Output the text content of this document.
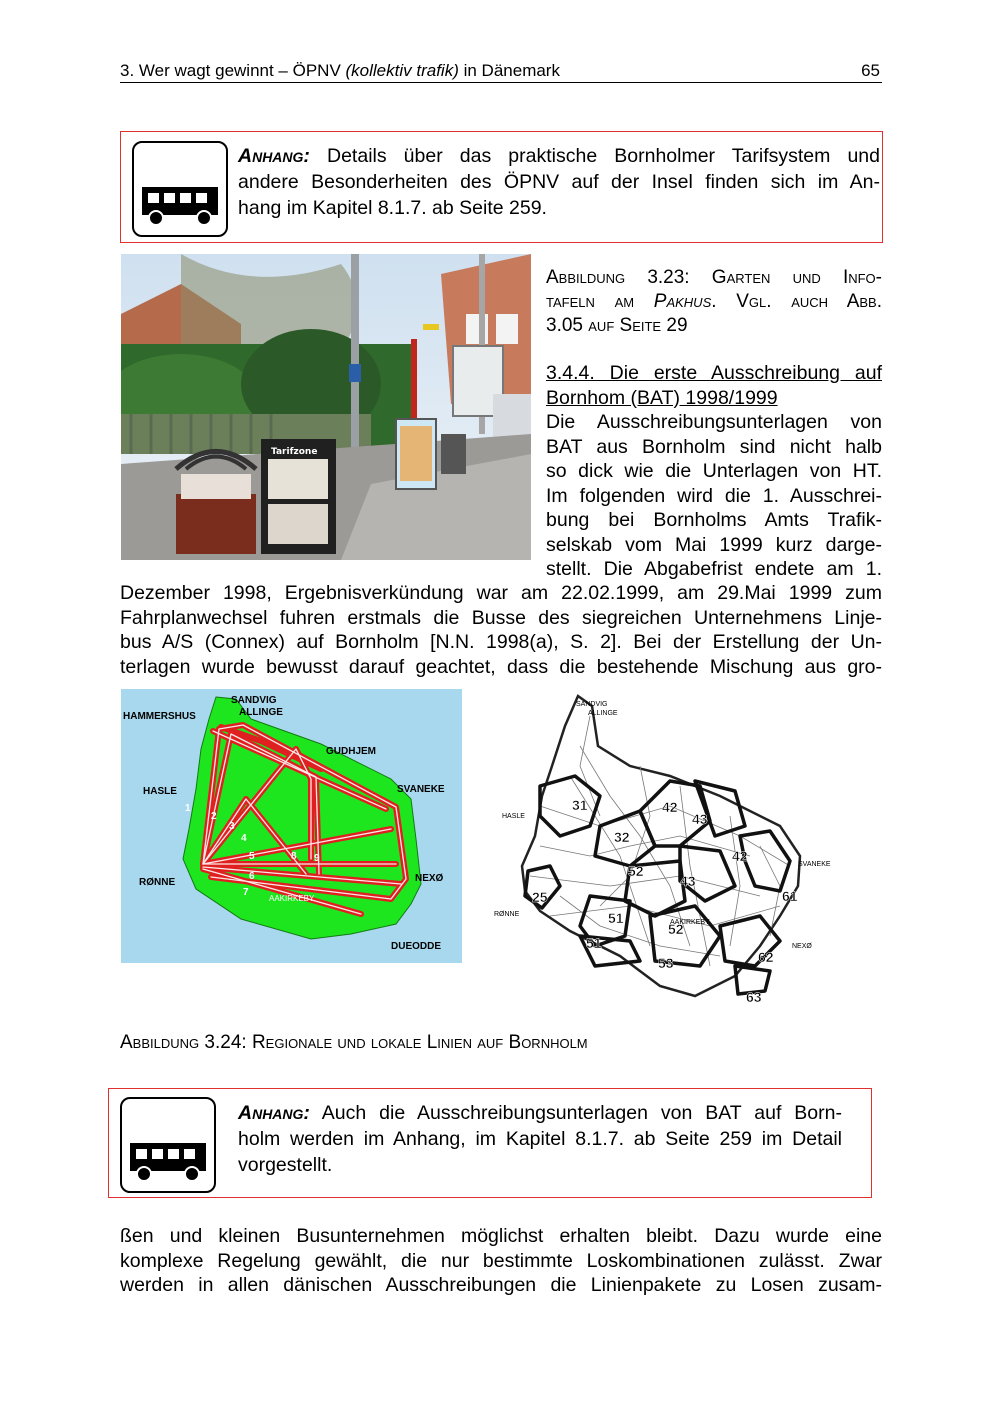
3. Wer wagt gewinnt – ÖPNV (kollektiv trafik) in Dänemark	65
Anhang: Details über das praktische Bornholmer Tarifsystem und
andere Besonderheiten des ÖPNV auf der Insel finden sich im An-
hang im Kapitel 8.1.7. ab Seite 259.
Tarifzone
Abbildung 3.23: Garten und Info-
tafeln am Pakhus. Vgl. auch Abb.
3.05 auf Seite 29
3.4.4. Die erste Ausschreibung auf
Bornhom (BAT) 1998/1999
Die Ausschreibungsunterlagen von
BAT aus Bornholm sind nicht halb
so dick wie die Unterlagen von HT.
Im folgenden wird die 1. Ausschrei-
bung bei Bornholms Amts Trafik-
selskab vom Mai 1999 kurz darge-
stellt. Die Abgabefrist endete am 1.
Dezember 1998, Ergebnisverkündung war am 22.02.1999, am 29.Mai 1999 zum
Fahrplanwechsel fuhren erstmals die Busse des siegreichen Unternehmens Linje-
bus A/S (Connex) auf Bornholm [N.N. 1998(a), S. 2]. Bei der Erstellung der Un-
terlagen wurde bewusst darauf geachtet, dass die bestehende Mischung aus gro-
HAMMERSHUS
SANDVIG
ALLINGE
GUDHJEM
HASLE	SVANEKE
RØNNE	NEXØ
DUEODDE
AAKIRKEBY
1
2
3
4
5
6
7
8 9
31	42
43
32
52
43
42
61
25
51
52
51
53	62
63
SANDVIG
ALLINGE
HASLE
SVANEKE
RØNNE
NEXØ
AAKIRKEBY
Abbildung 3.24: Regionale und lokale Linien auf Bornholm
Anhang: Auch die Ausschreibungsunterlagen von BAT auf Born-
holm werden im Anhang, im Kapitel 8.1.7. ab Seite 259 im Detail
vorgestellt.
ßen und kleinen Busunternehmen möglichst erhalten bleibt. Dazu wurde eine
komplexe Regelung gewählt, die nur bestimmte Loskombinationen zulässt. Zwar
werden in allen dänischen Ausschreibungen die Linienpakete zu Losen zusam-
